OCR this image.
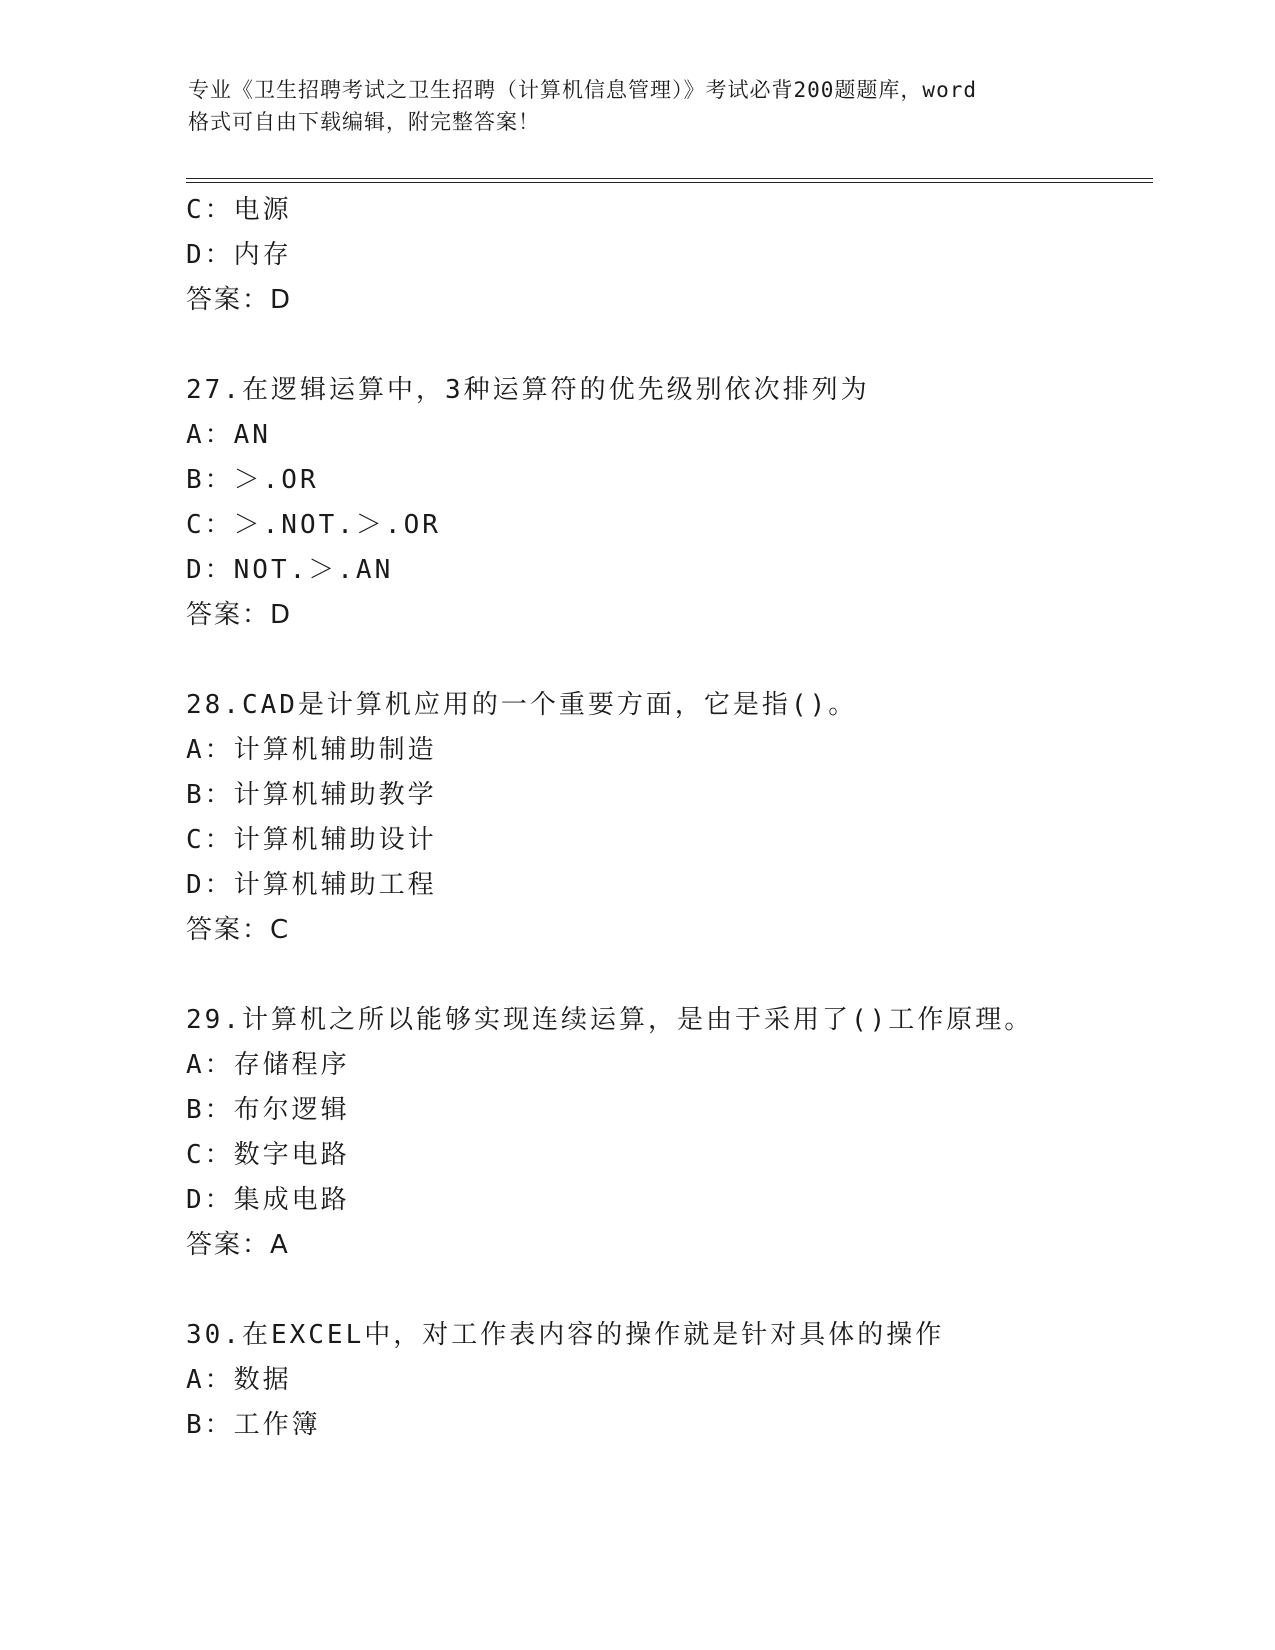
专业《卫生招聘考试之卫生招聘（计算机信息管理）》考试必背200题题库，word
格式可自由下载编辑，附完整答案！
C：电源
D：内存
答案：D
27.在逻辑运算中，3种运算符的优先级别依次排列为
A：AN
B：＞.OR
C：＞.NOT.＞.OR
D：NOT.＞.AN
答案：D
28.CAD是计算机应用的一个重要方面，它是指()。
A：计算机辅助制造
B：计算机辅助教学
C：计算机辅助设计
D：计算机辅助工程
答案：C
29.计算机之所以能够实现连续运算，是由于采用了()工作原理。
A：存储程序
B：布尔逻辑
C：数字电路
D：集成电路
答案：A
30.在EXCEL中，对工作表内容的操作就是针对具体的操作
A：数据
B：工作簿
